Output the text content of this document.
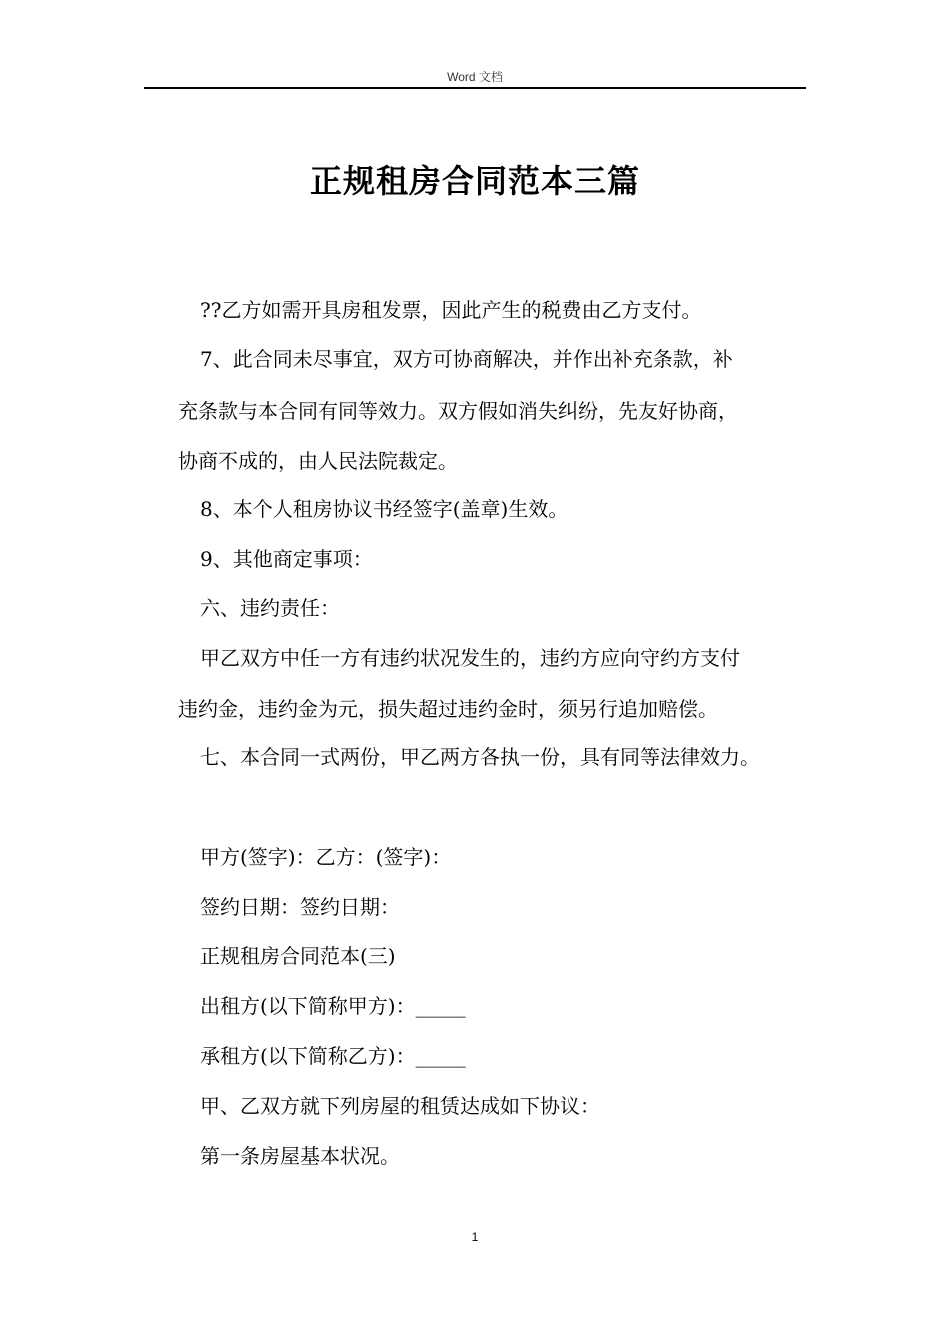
Word 文档
正规租房合同范本三篇

??乙方如需开具房租发票，因此产生的税费由乙方支付。

7、此合同未尽事宜，双方可协商解决，并作出补充条款，补

充条款与本合同有同等效力。双方假如消失纠纷，先友好协商，

协商不成的，由人民法院裁定。

8、本个人租房协议书经签字(盖章)生效。

9、其他商定事项：

六、违约责任：

甲乙双方中任一方有违约状况发生的，违约方应向守约方支付

违约金，违约金为元，损失超过违约金时，须另行追加赔偿。

七、本合同一式两份，甲乙两方各执一份，具有同等法律效力。

甲方(签字)：乙方：(签字)：

签约日期：签约日期：

正规租房合同范本(三)

出租方(以下简称甲方)：_____

承租方(以下简称乙方)：_____

甲、乙双方就下列房屋的租赁达成如下协议：

第一条房屋基本状况。

1
